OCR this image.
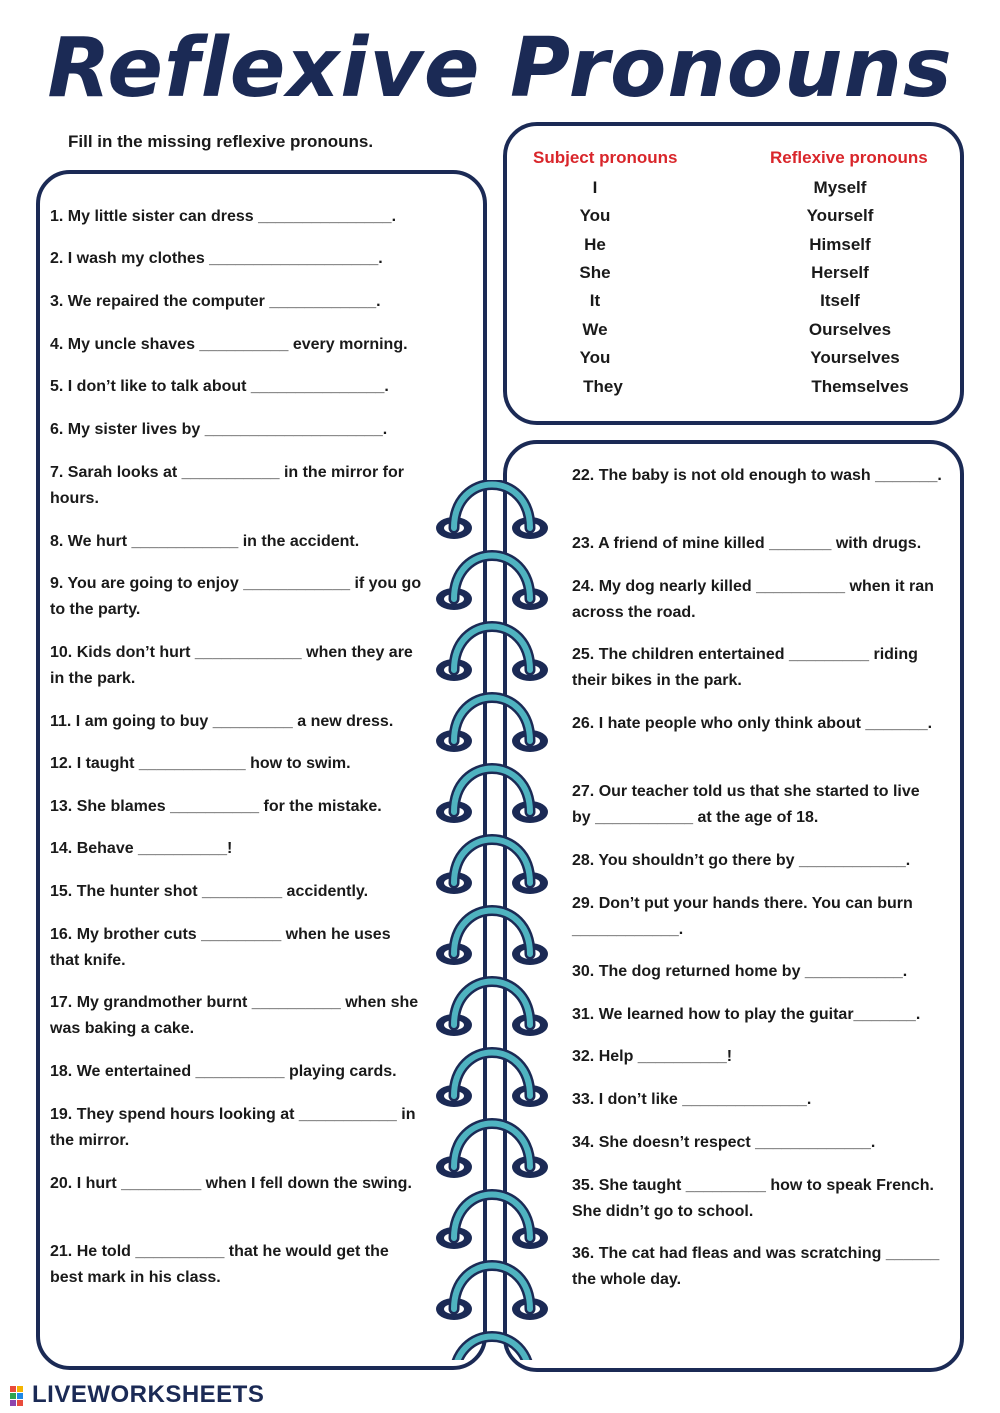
Reflexive Pronouns
Fill in the missing reflexive pronouns.
Subject pronouns	Reflexive pronouns
I	Myself
You	Yourself
He	Himself
She	Herself
It	Itself
We	Ourselves
You	Yourselves
They	Themselves

1. My little sister can dress _______________.

2. I wash my clothes ___________________.

3. We repaired the computer ____________.

4. My uncle shaves __________ every morning.

5. I don’t like to talk about _______________.

6. My sister lives by ____________________.

7. Sarah looks at ___________ in the mirror for hours.

8. We hurt ____________ in the accident.

9. You are going to enjoy ____________ if you go to the party.

10. Kids don’t hurt ____________ when they are in the park.

11. I am going to buy _________ a new dress.

12. I taught ____________ how to swim.

13. She blames __________ for the mistake.

14. Behave __________!

15. The hunter shot _________ accidently.

16. My brother cuts _________ when he uses that knife.

17. My grandmother burnt __________ when she was baking a cake.

18. We entertained __________ playing cards.

19. They spend hours looking at ___________ in the mirror.

20. I hurt _________ when I fell down the swing.

21. He told __________ that he would get the best mark in his class.

22. The baby is not old enough to wash _______.

23. A friend of mine killed _______ with drugs.

24. My dog nearly killed __________ when it ran across the road.

25. The children entertained _________ riding their bikes in the park.

26. I hate people who only think about _______.

27. Our teacher told us that she started to live by ___________ at the age of 18.

28. You shouldn’t go there by ____________.

29. Don’t put your hands there. You can burn ____________.

30. The dog returned home by ___________.

31. We learned how to play the guitar_______.

32. Help __________!

33. I don’t like ______________.

34. She doesn’t respect _____________.

35. She taught _________ how to speak French. She didn’t go to school.

36. The cat had fleas and was scratching ______ the whole day.

LIVEWORKSHEETS
